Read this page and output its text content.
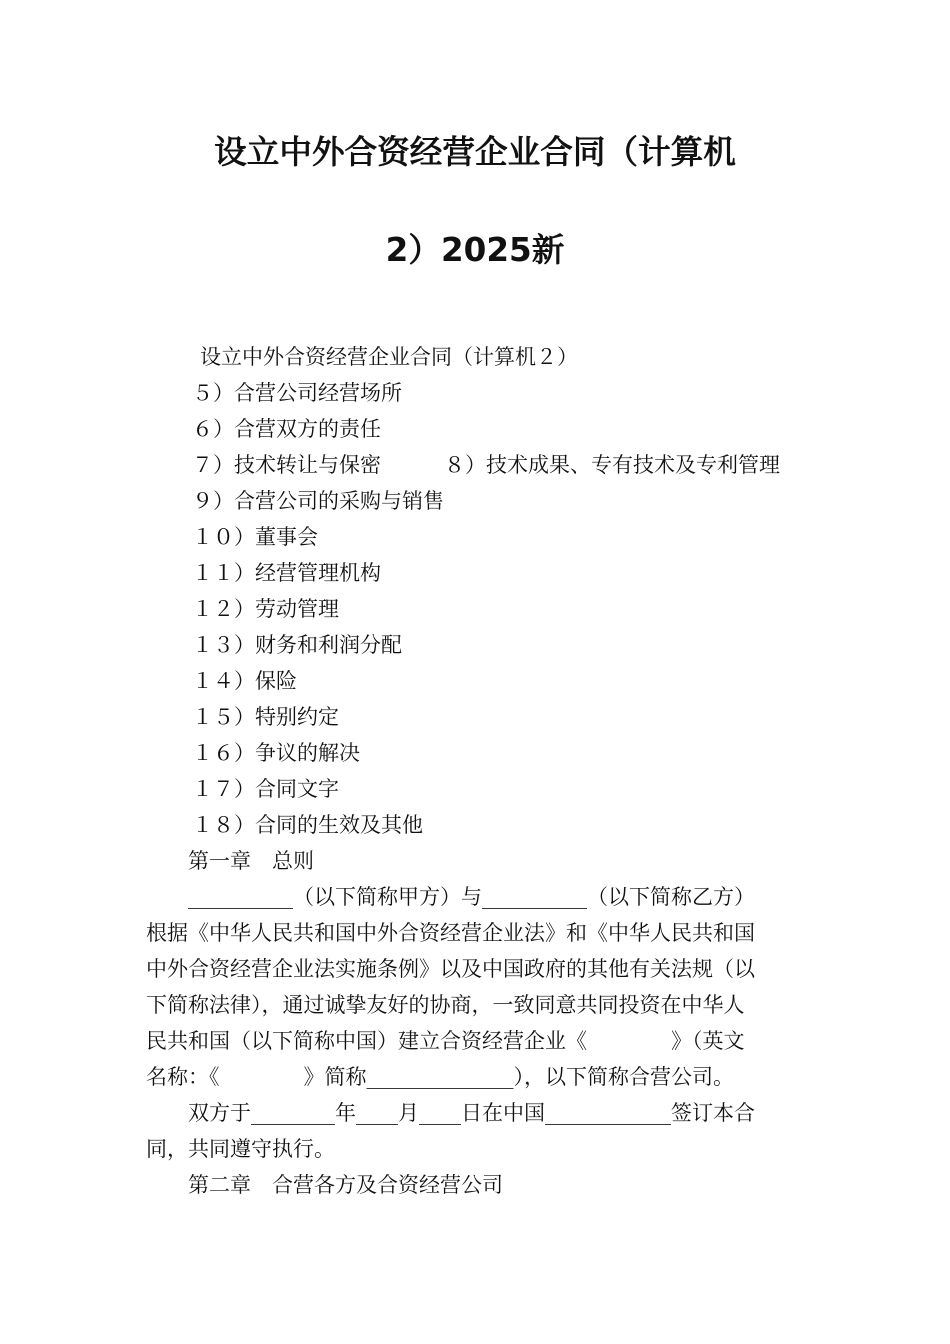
设立中外合资经营企业合同（计算机
2）2025新
设立中外合资经营企业合同（计算机２）
５）合营公司经营场所
６）合营双方的责任
７）技术转让与保密　　　８）技术成果、专有技术及专利管理
９）合营公司的采购与销售
１０）董事会
１１）经营管理机构
１２）劳动管理
１３）财务和利润分配
１４）保险
１５）特别约定
１６）争议的解决
１７）合同文字
１８）合同的生效及其他
第一章　总则
__________（以下简称甲方）与__________（以下简称乙方）
根据《中华人民共和国中外合资经营企业法》和《中华人民共和国
中外合资经营企业法实施条例》以及中国政府的其他有关法规（以
下简称法律），通过诚挚友好的协商，一致同意共同投资在中华人
民共和国（以下简称中国）建立合资经营企业《　　　　》（英文
名称：《　　　　》简称______________），以下简称合营公司。
双方于________年____月____日在中国____________签订本合
同，共同遵守执行。
第二章　合营各方及合资经营公司
